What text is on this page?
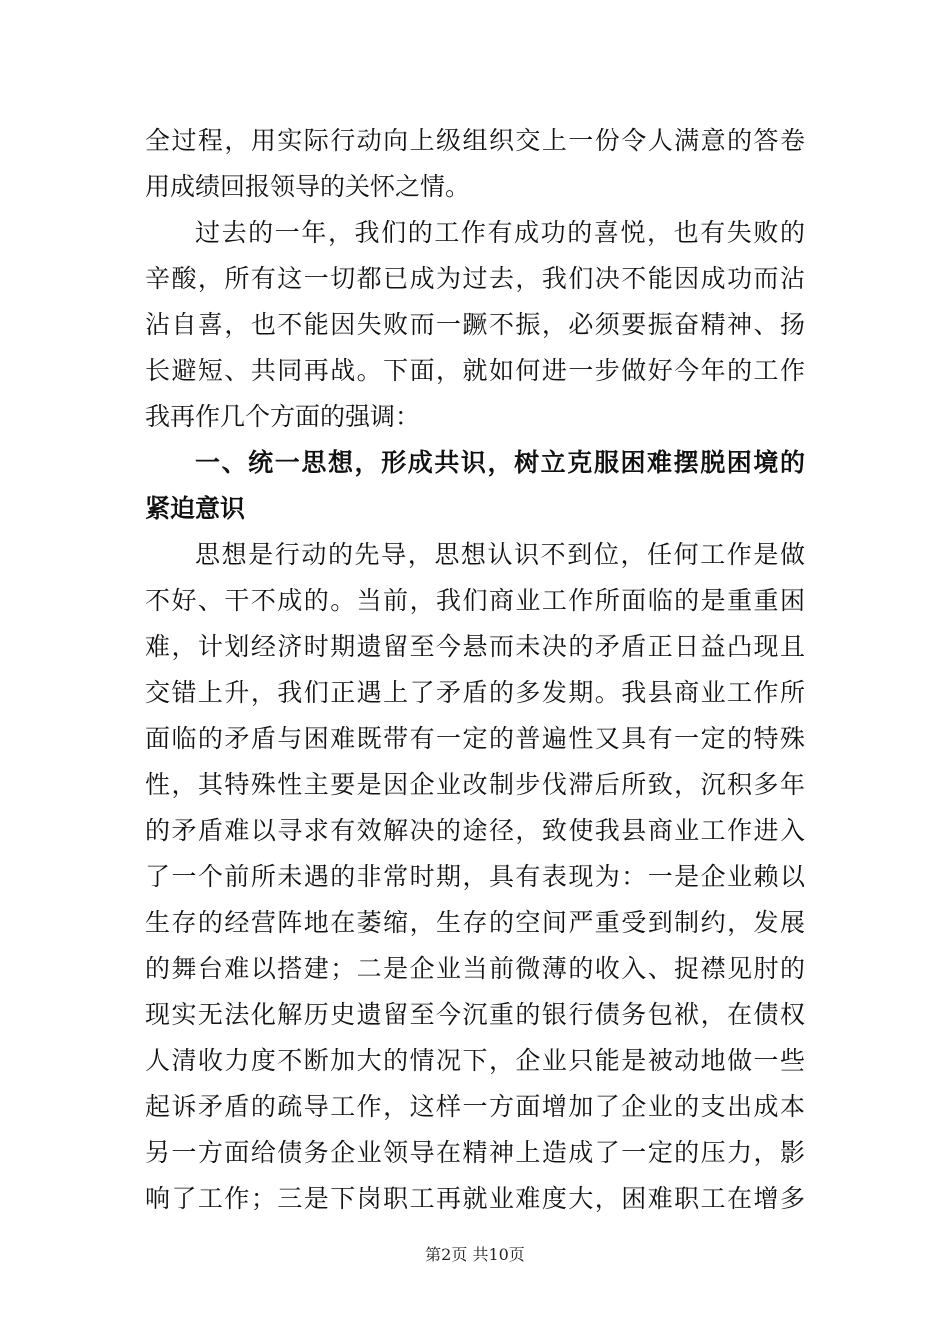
全过程，用实际行动向上级组织交上一份令人满意的答卷
用成绩回报领导的关怀之情。
过去的一年，我们的工作有成功的喜悦，也有失败的
辛酸，所有这一切都已成为过去，我们决不能因成功而沾
沾自喜，也不能因失败而一蹶不振，必须要振奋精神、扬
长避短、共同再战。下面，就如何进一步做好今年的工作
我再作几个方面的强调：
一、统一思想，形成共识，树立克服困难摆脱困境的
紧迫意识
思想是行动的先导，思想认识不到位，任何工作是做
不好、干不成的。当前，我们商业工作所面临的是重重困
难，计划经济时期遗留至今悬而未决的矛盾正日益凸现且
交错上升，我们正遇上了矛盾的多发期。我县商业工作所
面临的矛盾与困难既带有一定的普遍性又具有一定的特殊
性，其特殊性主要是因企业改制步伐滞后所致，沉积多年
的矛盾难以寻求有效解决的途径，致使我县商业工作进入
了一个前所未遇的非常时期，具有表现为：一是企业赖以
生存的经营阵地在萎缩，生存的空间严重受到制约，发展
的舞台难以搭建；二是企业当前微薄的收入、捉襟见肘的
现实无法化解历史遗留至今沉重的银行债务包袱，在债权
人清收力度不断加大的情况下，企业只能是被动地做一些
起诉矛盾的疏导工作，这样一方面增加了企业的支出成本
另一方面给债务企业领导在精神上造成了一定的压力，影
响了工作；三是下岗职工再就业难度大，困难职工在增多
第2页 共10页
